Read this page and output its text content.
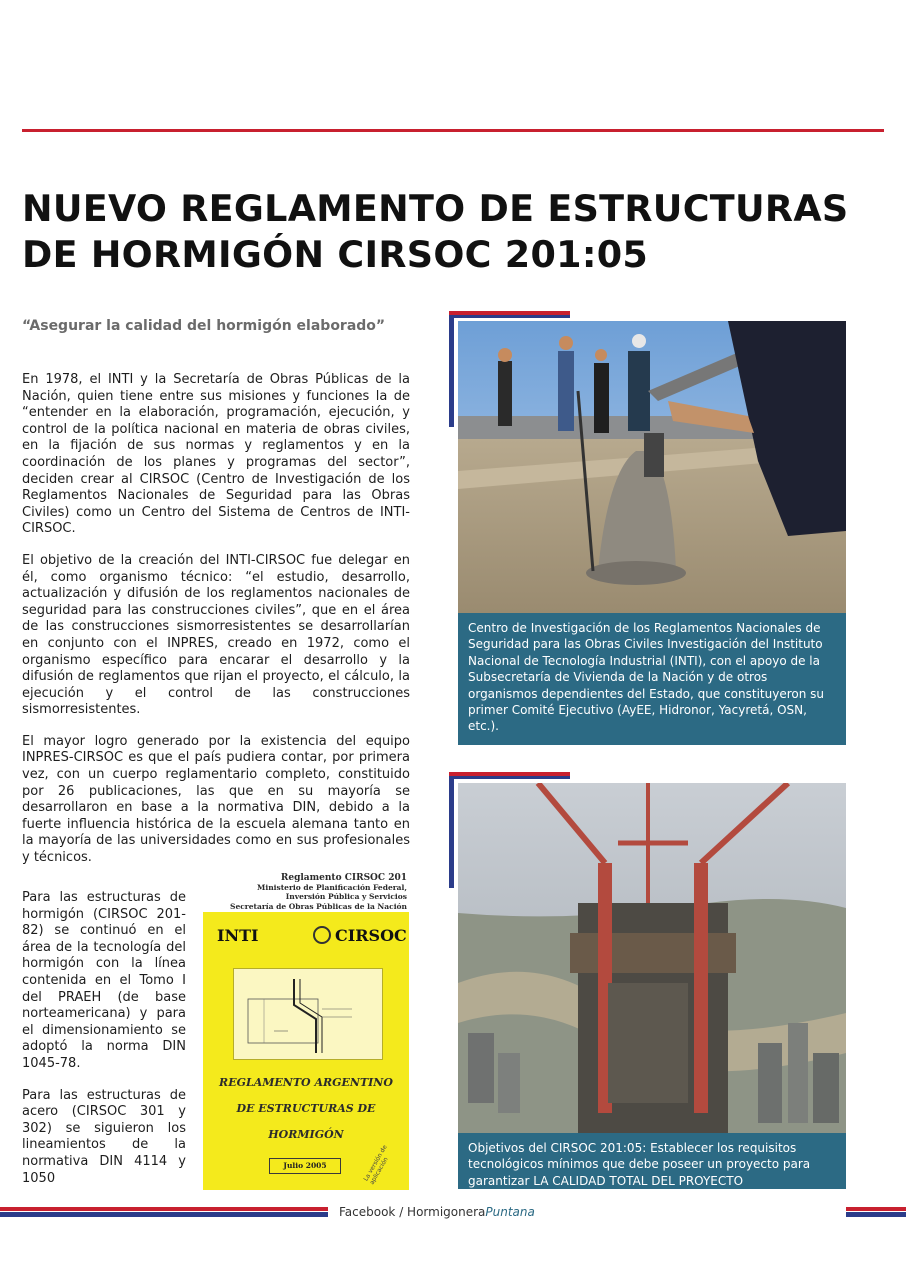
NUEVO REGLAMENTO DE ESTRUCTURAS
DE HORMIGÓN CIRSOC 201:05

“Asegurar la calidad del hormigón elaborado”

En 1978, el INTI y la Secretaría de Obras Públicas de la Nación, quien tiene entre sus misiones y funciones la de “entender en la elaboración, programación, ejecución, y control de la política nacional en materia de obras civiles, en la fijación de sus normas y reglamentos y en la coordinación de los planes y programas del sector”, deciden crear al CIRSOC (Centro de Investigación de los Reglamentos Nacionales de Seguridad para las Obras Civiles) como un Centro del Sistema de Centros de INTI-CIRSOC.

El objetivo de la creación del INTI-CIRSOC fue delegar en él, como organismo técnico: “el estudio, desarrollo, actualización y difusión de los reglamentos nacionales de seguridad para las construcciones civiles”, que en el área de las construcciones sismorresistentes se desarrollarían en conjunto con el INPRES, creado en 1972, como el organismo específico para encarar el desarrollo y la difusión de reglamentos que rijan el proyecto, el cálculo, la ejecución y el control de las construcciones sismorresistentes.

El mayor logro generado por la existencia del equipo INPRES-CIRSOC es que el país pudiera contar, por primera vez, con un cuerpo reglamentario completo, constituido por 26 publicaciones, las que en su mayoría se desarrollaron en base a la normativa DIN, debido a la fuerte influencia histórica de la escuela alemana tanto en la mayoría de las universidades como en sus profesionales y técnicos.

Para las estructuras de hormigón (CIRSOC 201-82) se continuó en el área de la tecnología del hormigón con la línea contenida en el Tomo I del PRAEH (de base norteamericana) y para el dimensionamiento se adoptó la norma DIN 1045-78.

Para las estructuras de acero (CIRSOC 301 y 302) se siguieron los lineamientos de la normativa DIN 4114 y 1050

Reglamento CIRSOC 201
Ministerio de Planificación Federal,
Inversión Pública y Servicios
Secretaría de Obras Públicas de la Nación
INTI	CIRSOC
REGLAMENTO ARGENTINO
DE ESTRUCTURAS DE
HORMIGÓN
Julio 2005	La versión de aplicación
Centro de Investigación de los Reglamentos Nacionales de Seguridad para las Obras Civiles Investigación del Instituto Nacional de Tecnología Industrial (INTI), con el apoyo de la Subsecretaría de Vivienda de la Nación y de otros organismos dependientes del Estado, que constituyeron su primer Comité Ejecutivo (AyEE, Hidronor, Yacyretá, OSN, etc.).
Objetivos del CIRSOC 201:05: Establecer los requisitos tecnológicos mínimos que debe poseer un proyecto para garantizar LA CALIDAD TOTAL DEL PROYECTO
Facebook / HormigoneraPuntana
